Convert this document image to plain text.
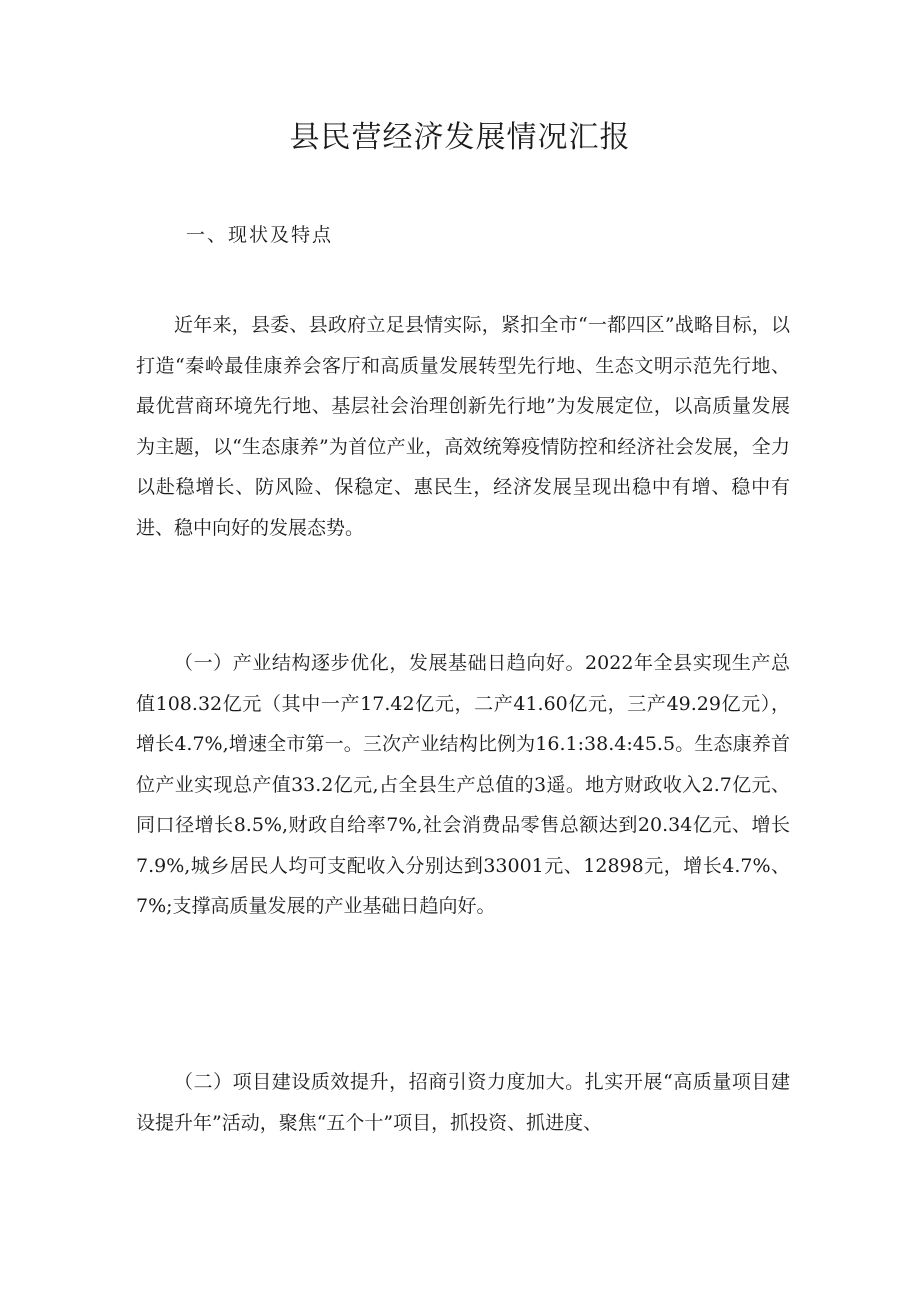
县民营经济发展情况汇报
一、现状及特点

近年来，县委、县政府立足县情实际，紧扣全市“一都四区”战略目标，以打造“秦岭最佳康养会客厅和高质量发展转型先行地、生态文明示范先行地、最优营商环境先行地、基层社会治理创新先行地”为发展定位，以高质量发展为主题，以“生态康养”为首位产业，高效统筹疫情防控和经济社会发展，全力以赴稳增长、防风险、保稳定、惠民生，经济发展呈现出稳中有增、稳中有进、稳中向好的发展态势。

（一）产业结构逐步优化，发展基础日趋向好。2022年全县实现生产总值108.32亿元（其中一产17.42亿元，二产41.60亿元，三产49.29亿元），增长4.7%,增速全市第一。三次产业结构比例为16.1:38.4:45.5。生态康养首位产业实现总产值33.2亿元,占全县生产总值的3遥。地方财政收入2.7亿元、同口径增长8.5%,财政自给率7%,社会消费品零售总额达到20.34亿元、增长7.9%,城乡居民人均可支配收入分别达到33001元、12898元，增长4.7%、7%;支撑高质量发展的产业基础日趋向好。

（二）项目建设质效提升，招商引资力度加大。扎实开展“高质量项目建设提升年”活动，聚焦“五个十”项目，抓投资、抓进度、
